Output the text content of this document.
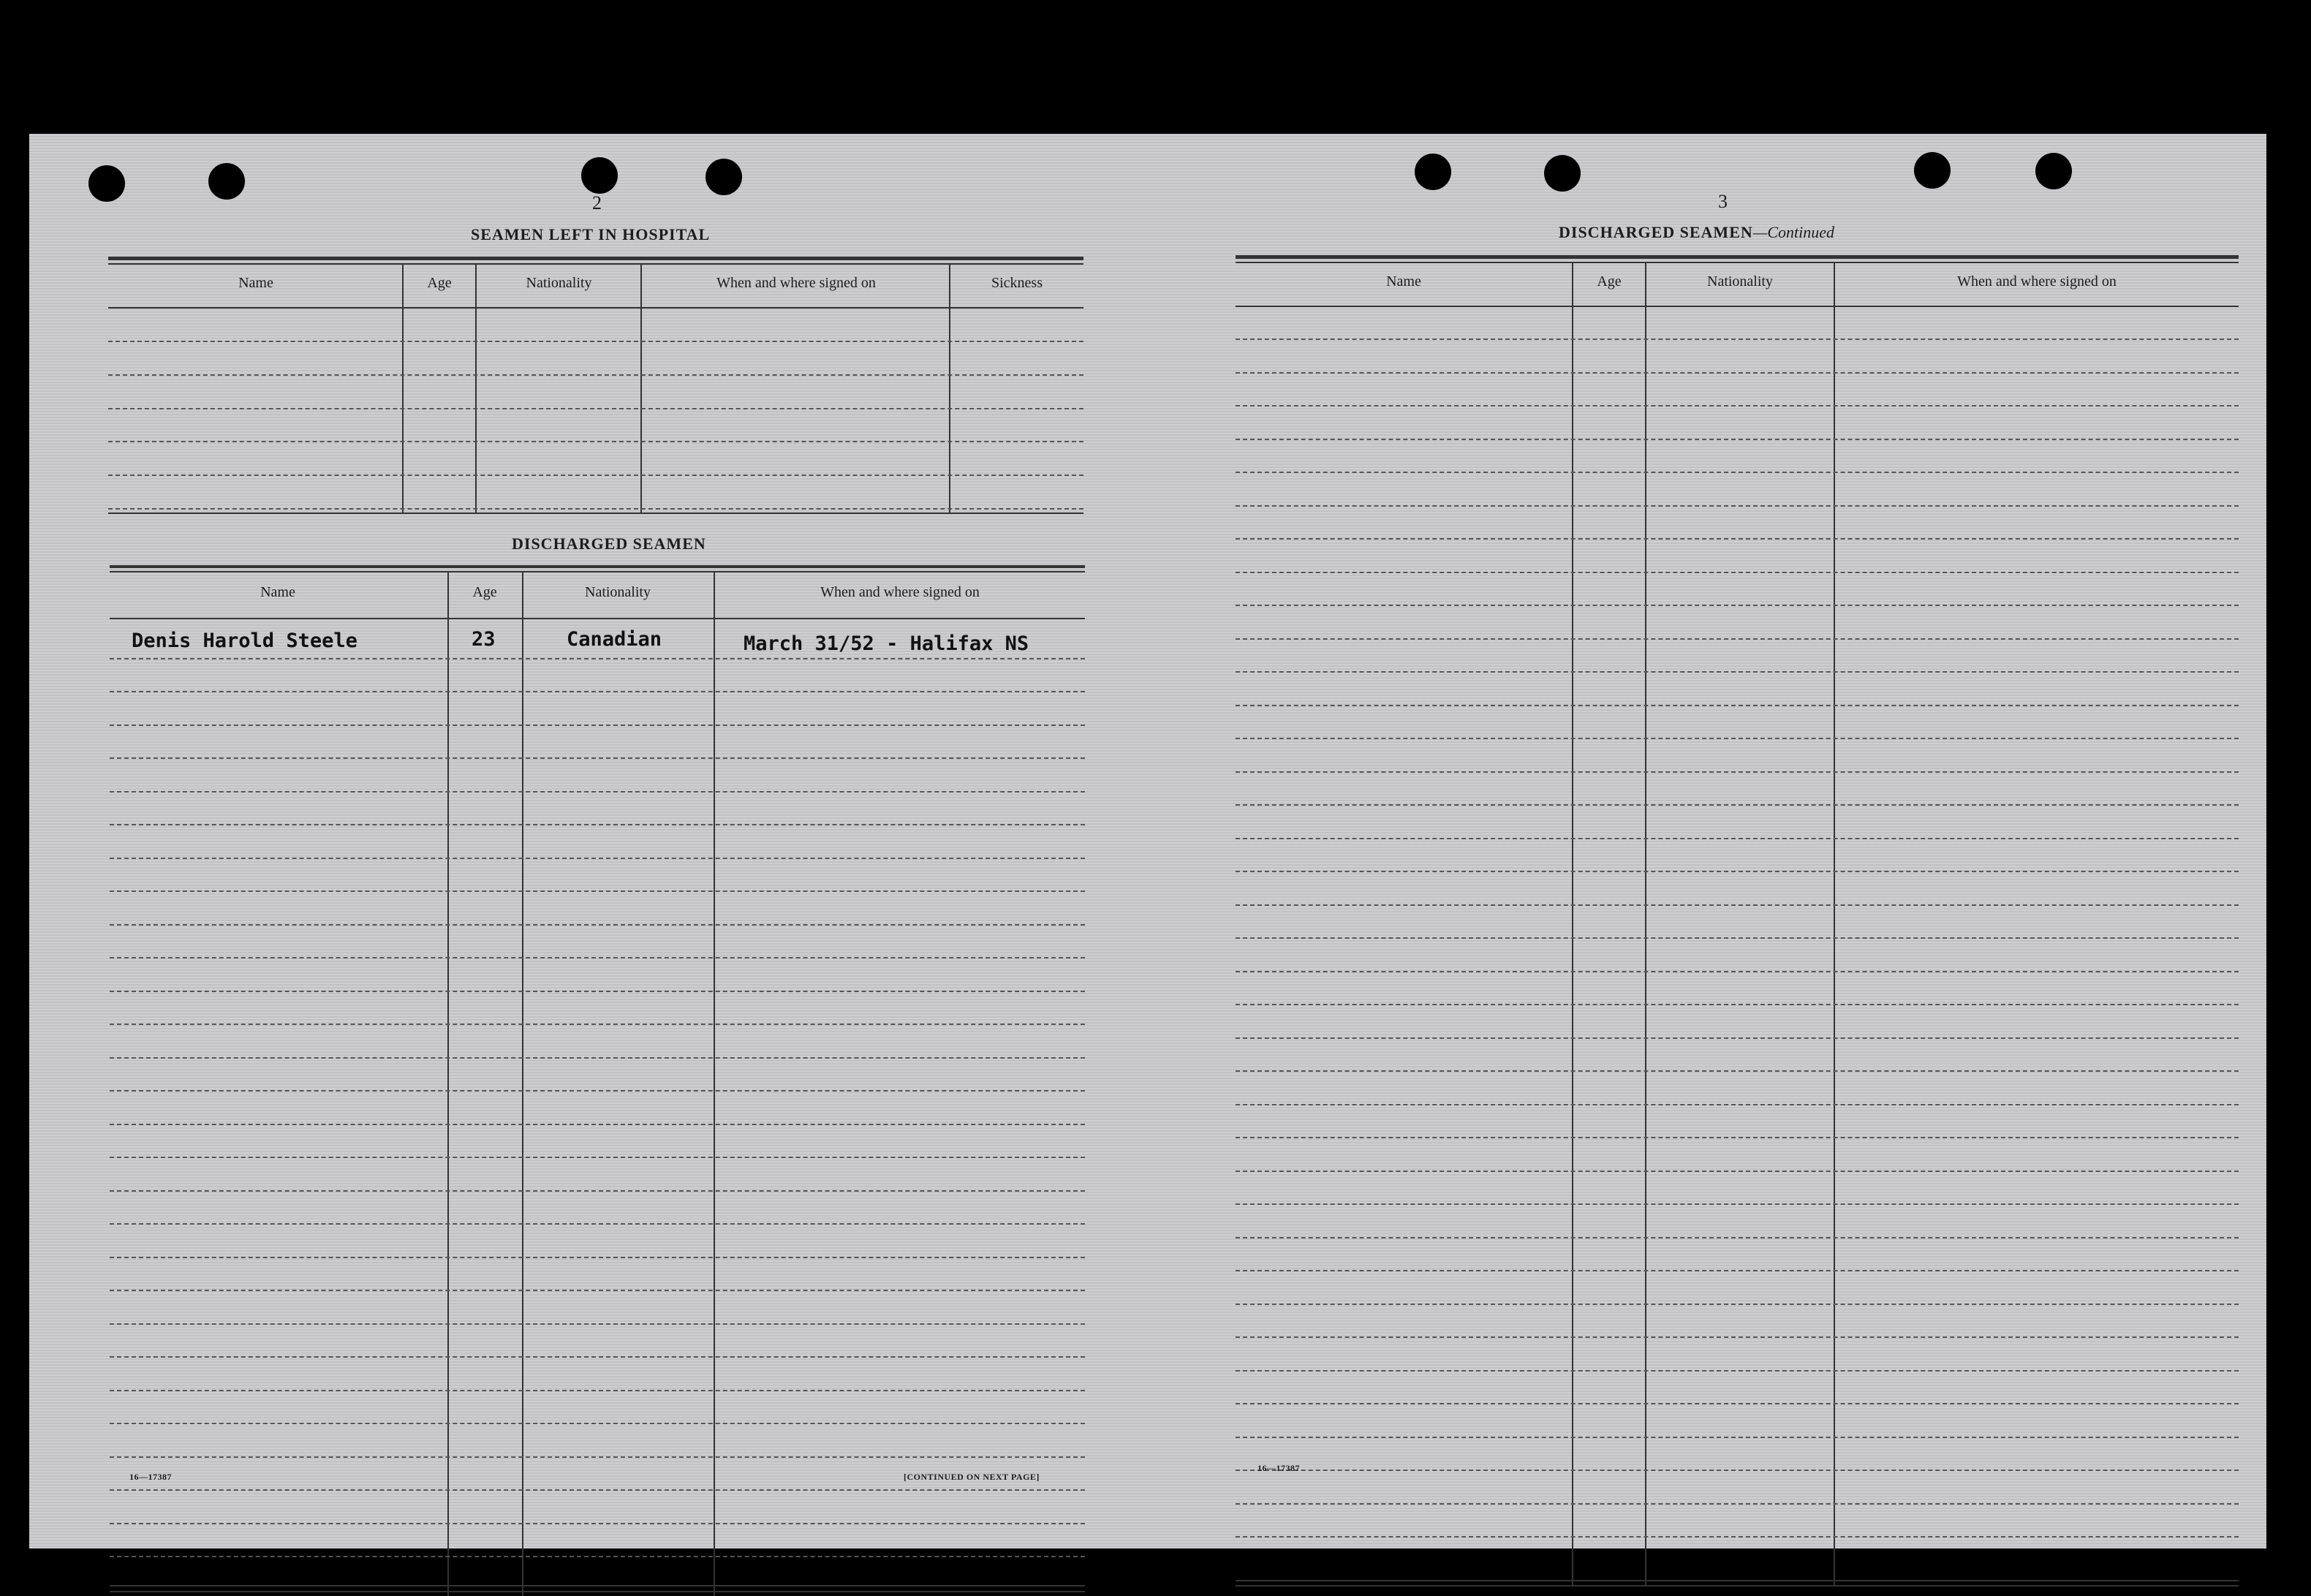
2
SEAMEN LEFT IN HOSPITAL
Name	Age	Nationality	When and where signed on	Sickness
DISCHARGED SEAMEN
Name	Age	Nationality	When and where signed on
Denis Harold Steele	23	Canadian	March 31/52 - Halifax NS
16—17387	[CONTINUED ON NEXT PAGE]
3
DISCHARGED SEAMEN—Continued
Name	Age	Nationality	When and where signed on
16—17387
